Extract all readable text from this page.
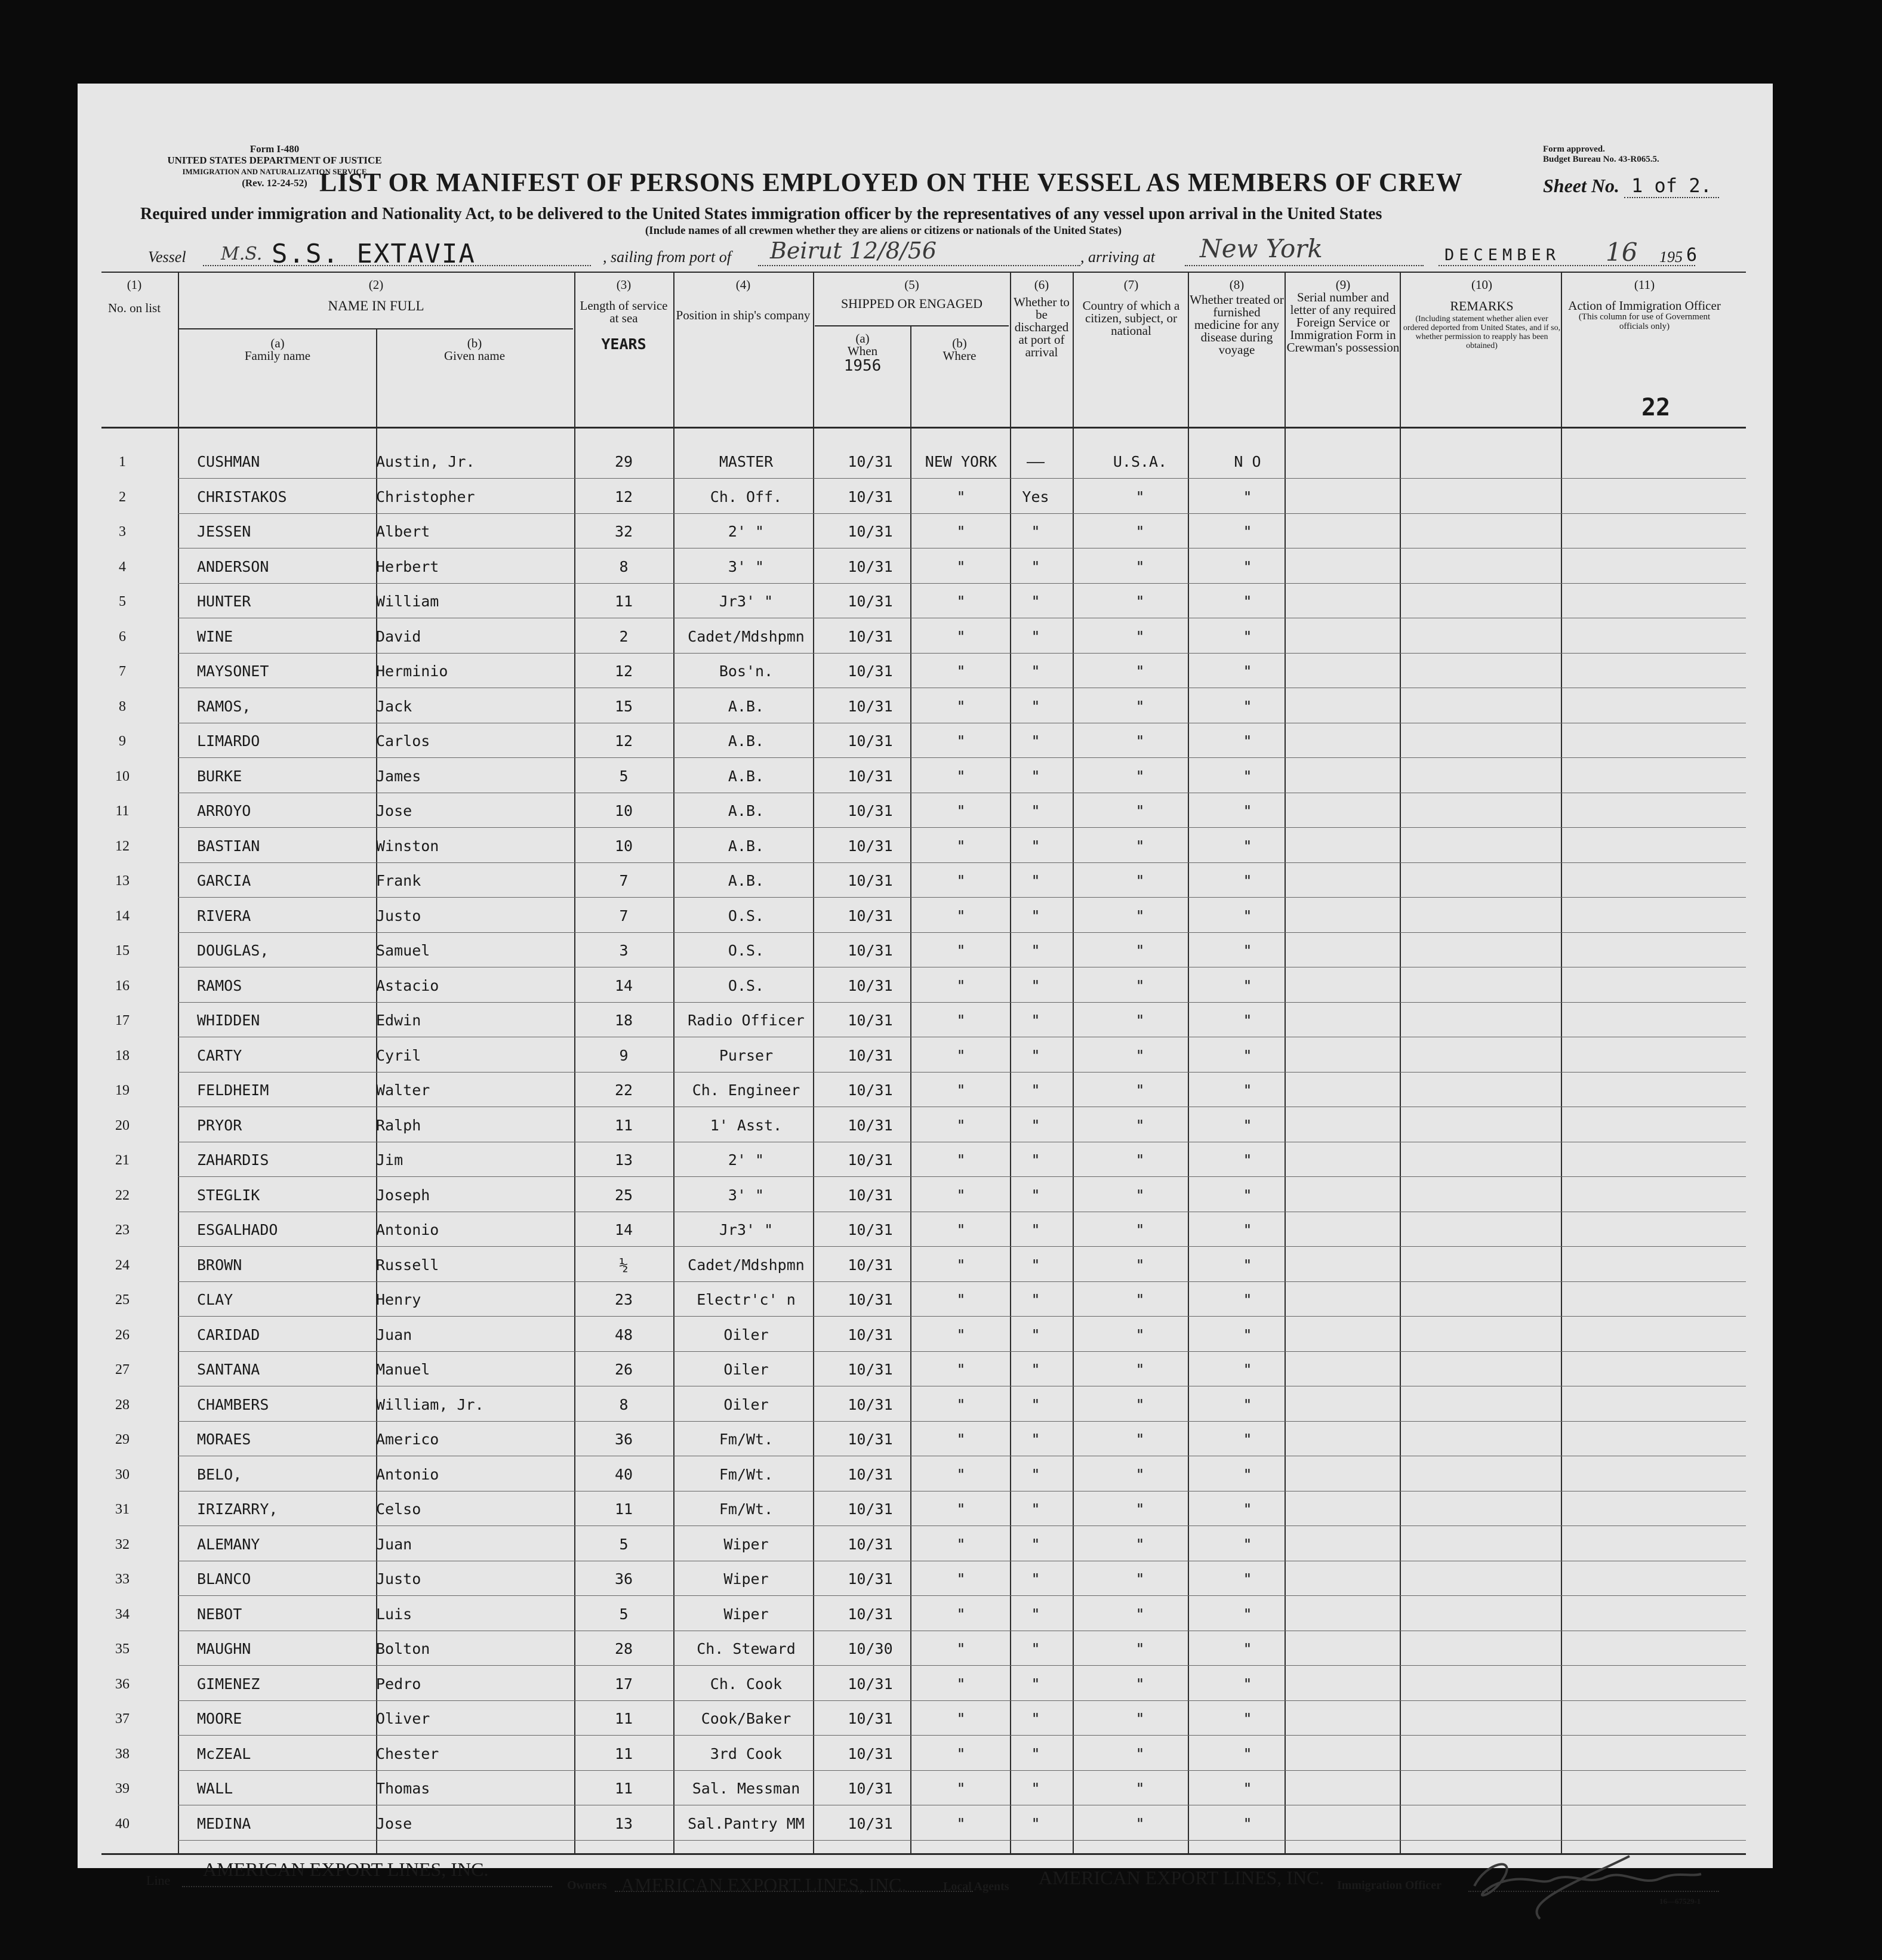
Form I-480
UNITED STATES DEPARTMENT OF JUSTICE
IMMIGRATION AND NATURALIZATION SERVICE
(Rev. 12-24-52)
Form approved.
Budget Bureau No. 43-R065.5.
LIST OR MANIFEST OF PERSONS EMPLOYED ON THE VESSEL AS MEMBERS OF CREW	Sheet No. 1 of 2.
Required under immigration and Nationality Act, to be delivered to the United States immigration officer by the representatives of any vessel upon arrival in the United States
(Include names of all crewmen whether they are aliens or citizens or nationals of the United States)
Vessel M.S. S.S. EXTAVIA	, sailing from port of Beirut 12/8/56	, arriving at New York	DECEMBER 16 195 6
(1)
No. on list
(2)
NAME IN FULL
(a)
Family name
(b)
Given name
(3)
Length of service at sea
YEARS
(4)
Position in ship's company
(5)
SHIPPED OR ENGAGED
(a)
When
1956
(b)
Where
(6)
Whether to be discharged at port of arrival
(7)
Country of which a citizen, subject, or national
(8)
Whether treated or furnished medicine for any disease during voyage
(9)
Serial number and letter of any required Foreign Service or Immigration Form in Crewman's possession
(10)
REMARKS
(Including statement whether alien ever ordered deported from United States, and if so, whether permission to reapply has been obtained)
(11)
Action of Immigration Officer
(This column for use of Government officials only)
22
1	CUSHMAN	Austin, Jr.	29	MASTER	10/31	NEW YORK	——	U.S.A.	N O
2	CHRISTAKOS	Christopher	12	Ch. Off.	10/31	"	Yes	"	"
3	JESSEN	Albert	32	2' "	10/31	"	"	"	"
4	ANDERSON	Herbert	8	3' "	10/31	"	"	"	"
5	HUNTER	William	11	Jr3' "	10/31	"	"	"	"
6	WINE	David	2	Cadet/Mdshpmn	10/31	"	"	"	"
7	MAYSONET	Herminio	12	Bos'n.	10/31	"	"	"	"
8	RAMOS,	Jack	15	A.B.	10/31	"	"	"	"
9	LIMARDO	Carlos	12	A.B.	10/31	"	"	"	"
10	BURKE	James	5	A.B.	10/31	"	"	"	"
11	ARROYO	Jose	10	A.B.	10/31	"	"	"	"
12	BASTIAN	Winston	10	A.B.	10/31	"	"	"	"
13	GARCIA	Frank	7	A.B.	10/31	"	"	"	"
14	RIVERA	Justo	7	O.S.	10/31	"	"	"	"
15	DOUGLAS,	Samuel	3	O.S.	10/31	"	"	"	"
16	RAMOS	Astacio	14	O.S.	10/31	"	"	"	"
17	WHIDDEN	Edwin	18	Radio Officer	10/31	"	"	"	"
18	CARTY	Cyril	9	Purser	10/31	"	"	"	"
19	FELDHEIM	Walter	22	Ch. Engineer	10/31	"	"	"	"
20	PRYOR	Ralph	11	1' Asst.	10/31	"	"	"	"
21	ZAHARDIS	Jim	13	2' "	10/31	"	"	"	"
22	STEGLIK	Joseph	25	3' "	10/31	"	"	"	"
23	ESGALHADO	Antonio	14	Jr3' "	10/31	"	"	"	"
24	BROWN	Russell	½	Cadet/Mdshpmn	10/31	"	"	"	"
25	CLAY	Henry	23	Electr'c' n	10/31	"	"	"	"
26	CARIDAD	Juan	48	Oiler	10/31	"	"	"	"
27	SANTANA	Manuel	26	Oiler	10/31	"	"	"	"
28	CHAMBERS	William, Jr.	8	Oiler	10/31	"	"	"	"
29	MORAES	Americo	36	Fm/Wt.	10/31	"	"	"	"
30	BELO,	Antonio	40	Fm/Wt.	10/31	"	"	"	"
31	IRIZARRY,	Celso	11	Fm/Wt.	10/31	"	"	"	"
32	ALEMANY	Juan	5	Wiper	10/31	"	"	"	"
33	BLANCO	Justo	36	Wiper	10/31	"	"	"	"
34	NEBOT	Luis	5	Wiper	10/31	"	"	"	"
35	MAUGHN	Bolton	28	Ch. Steward	10/30	"	"	"	"
36	GIMENEZ	Pedro	17	Ch. Cook	10/31	"	"	"	"
37	MOORE	Oliver	11	Cook/Baker	10/31	"	"	"	"
38	McZEAL	Chester	11	3rd Cook	10/31	"	"	"	"
39	WALL	Thomas	11	Sal. Messman	10/31	"	"	"	"
40	MEDINA	Jose	13	Sal.Pantry MM	10/31	"	"	"	"
Line
AMERICAN EXPORT LINES, INC.
Owners AMERICAN EXPORT LINES, INC.	Local Agents AMERICAN EXPORT LINES, INC. Immigration Officer
16—67529-1
